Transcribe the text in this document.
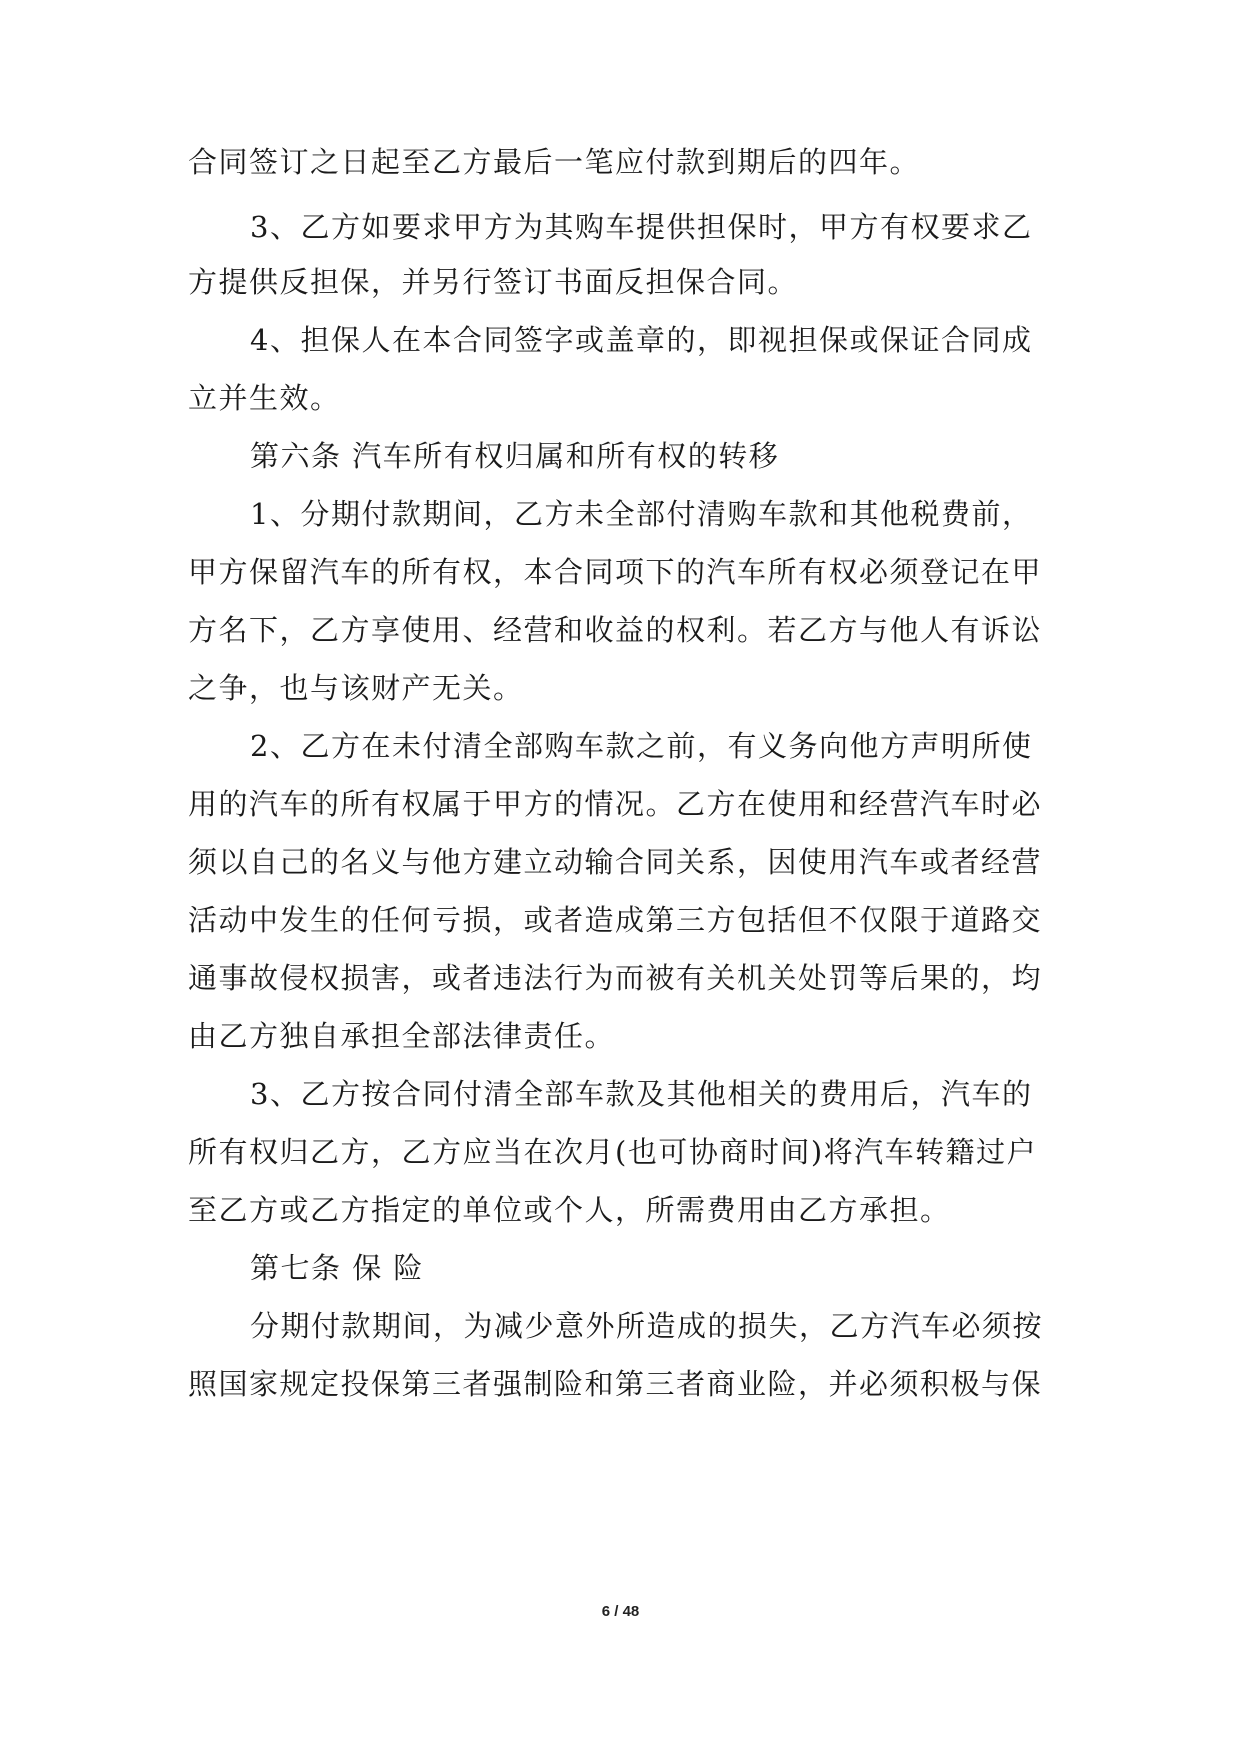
合同签订之日起至乙方最后一笔应付款到期后的四年。
3、乙方如要求甲方为其购车提供担保时，甲方有权要求乙
方提供反担保，并另行签订书面反担保合同。
4、担保人在本合同签字或盖章的，即视担保或保证合同成
立并生效。
第六条 汽车所有权归属和所有权的转移
1、分期付款期间，乙方未全部付清购车款和其他税费前，
甲方保留汽车的所有权，本合同项下的汽车所有权必须登记在甲
方名下，乙方享使用、经营和收益的权利。若乙方与他人有诉讼
之争，也与该财产无关。
2、乙方在未付清全部购车款之前，有义务向他方声明所使
用的汽车的所有权属于甲方的情况。乙方在使用和经营汽车时必
须以自己的名义与他方建立动输合同关系，因使用汽车或者经营
活动中发生的任何亏损，或者造成第三方包括但不仅限于道路交
通事故侵权损害，或者违法行为而被有关机关处罚等后果的，均
由乙方独自承担全部法律责任。
3、乙方按合同付清全部车款及其他相关的费用后，汽车的
所有权归乙方，乙方应当在次月(也可协商时间)将汽车转籍过户
至乙方或乙方指定的单位或个人，所需费用由乙方承担。
第七条 保 险
分期付款期间，为减少意外所造成的损失，乙方汽车必须按
照国家规定投保第三者强制险和第三者商业险，并必须积极与保
6 / 48
